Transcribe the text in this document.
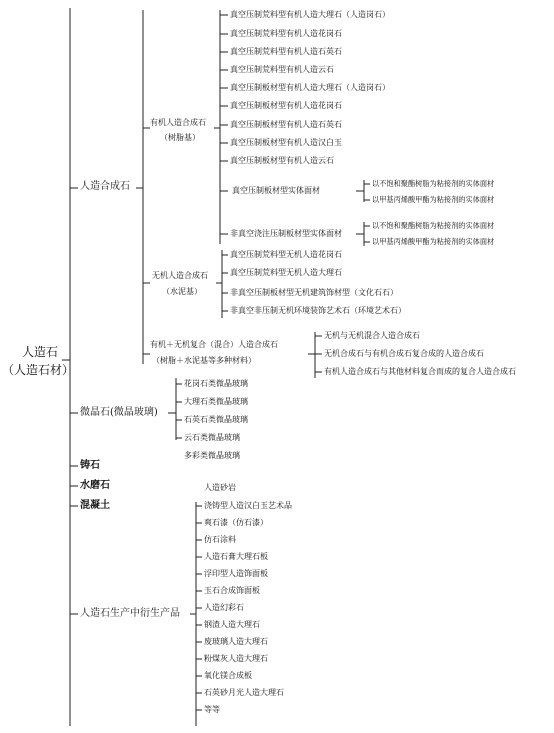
人造石
（人造石材）
人造合成石
微晶石(微晶玻璃)
铸石
水磨石
混凝土
人造石生产中衍生产品
有机人造合成石
（树脂基）
真空压制荒料型有机人造大理石（人造岗石）
真空压制荒料型有机人造花岗石
真空压制荒料型有机人造石英石
真空压制荒料型有机人造云石
真空压制板材型有机人造大理石（人造岗石）
真空压制板材型有机人造花岗石
真空压制板材型有机人造石英石
真空压制板材型有机人造汉白玉
真空压制板材型有机人造云石
真空压制板材型实体面材
以不饱和聚酯树脂为粘接剂的实体面材
以甲基丙烯酸甲酯为粘接剂的实体面材
非真空浇注压制板材型实体面材
以不饱和聚酯树脂为粘接剂的实体面材
以甲基丙烯酸甲酯为粘接剂的实体面材
无机人造合成石
（水泥基）
真空压制荒料型无机人造花岗石
真空压制荒料型无机人造大理石
非真空压制板材型无机建筑饰材型（文化石石）
非真空非压制无机环境装饰艺术石（环境艺术石）
有机＋无机复合（混合）人造合成石
（树脂＋水泥基等多种材料）
无机与无机混合人造合成石
无机合成石与有机合成石复合成的人造合成石
有机人造合成石与其他材料复合而成的复合人造合成石
花岗石类微晶玻璃
大理石类微晶玻璃
石英石类微晶玻璃
云石类微晶玻璃
多彩类微晶玻璃
人造砂岩
浇铸型人造汉白玉艺术品
爽石漆（仿石漆）
仿石涂料
人造石膏大理石板
浮印型人造饰面板
玉石合成饰面板
人造幻彩石
钢渣人造大理石
废玻璃人造大理石
粉煤灰人造大理石
氧化镁合成板
石英砂月光人造大理石
等等
